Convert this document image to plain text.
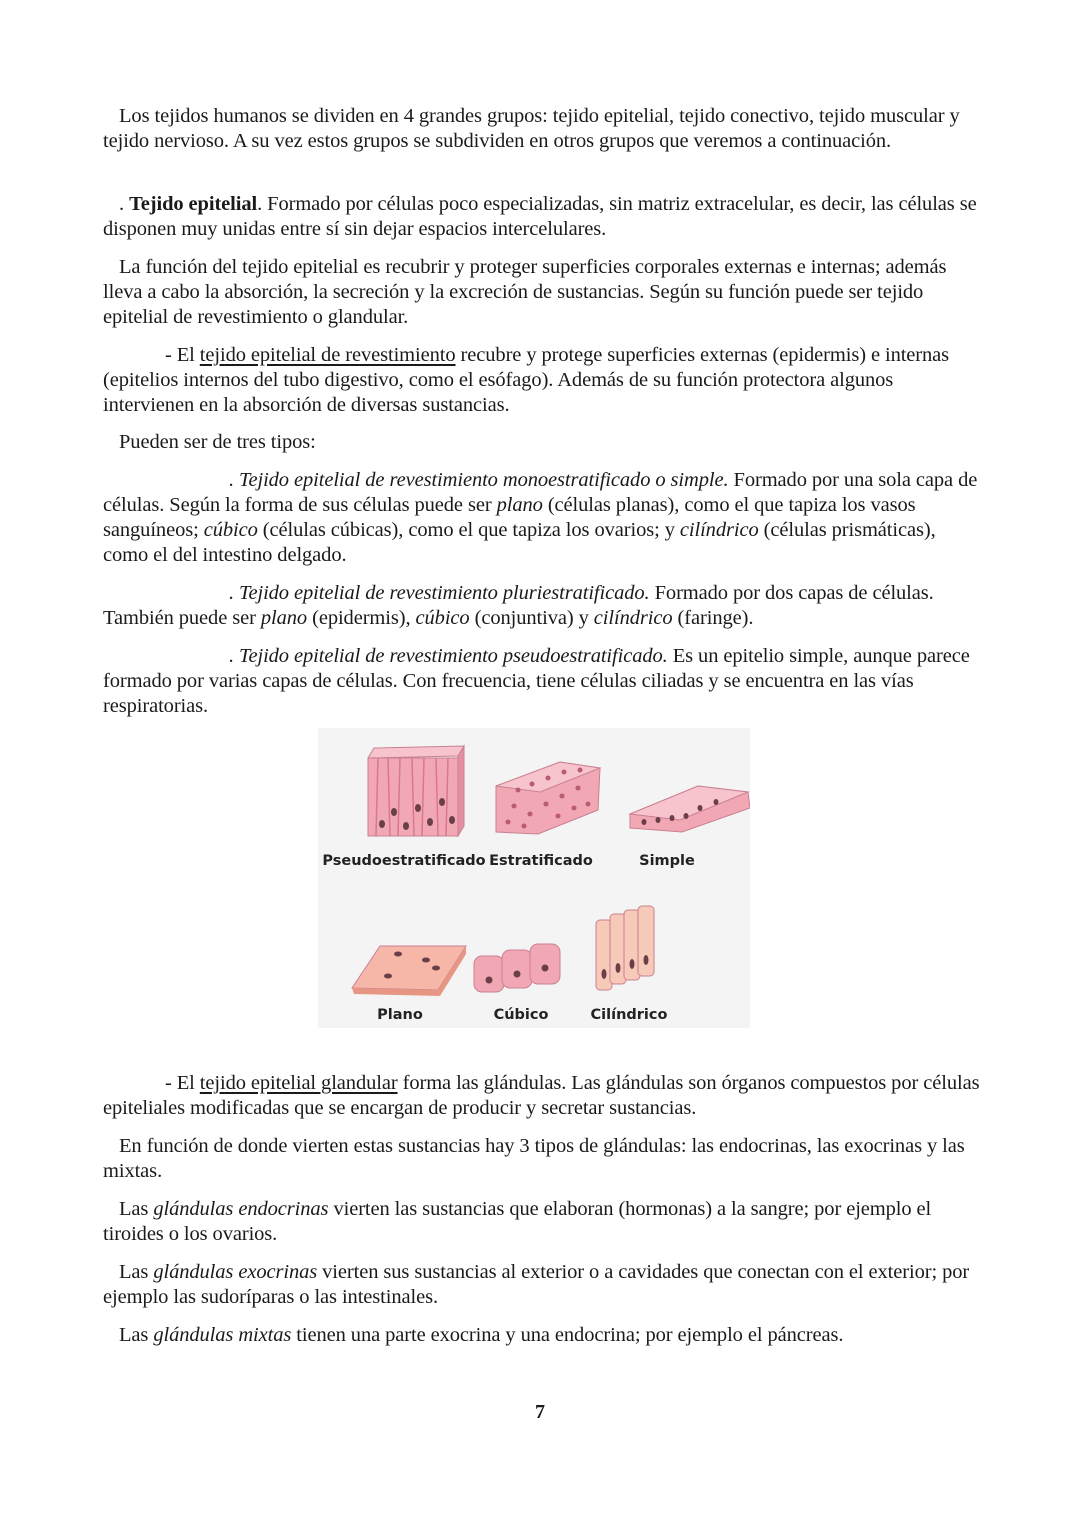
Los tejidos humanos se dividen en 4 grandes grupos: tejido epitelial, tejido conectivo, tejido muscular y tejido nervioso. A su vez estos grupos se subdividen en otros grupos que veremos a continuación.

. Tejido epitelial. Formado por células poco especializadas, sin matriz extracelular, es decir, las células se disponen muy unidas entre sí sin dejar espacios intercelulares.

La función del tejido epitelial es recubrir y proteger superficies corporales externas e internas; además lleva a cabo la absorción, la secreción y la excreción de sustancias. Según su función puede ser tejido epitelial de revestimiento o glandular.

- El tejido epitelial de revestimiento recubre y protege superficies externas (epidermis) e internas (epitelios internos del tubo digestivo, como el esófago). Además de su función protectora algunos intervienen en la absorción de diversas sustancias.

Pueden ser de tres tipos:

. Tejido epitelial de revestimiento monoestratificado o simple. Formado por una sola capa de células. Según la forma de sus células puede ser plano (células planas), como el que tapiza los vasos sanguíneos; cúbico (células cúbicas), como el que tapiza los ovarios; y cilíndrico (células prismáticas), como el del intestino delgado.

. Tejido epitelial de revestimiento pluriestratificado. Formado por dos capas de células. También puede ser plano (epidermis), cúbico (conjuntiva) y cilíndrico (faringe).

. Tejido epitelial de revestimiento pseudoestratificado. Es un epitelio simple, aunque parece formado por varias capas de células. Con frecuencia, tiene células ciliadas y se encuentra en las vías respiratorias.

Pseudoestratificado Estratificado	Simple
Plano	Cúbico	Cilíndrico

- El tejido epitelial glandular forma las glándulas. Las glándulas son órganos compuestos por células epiteliales modificadas que se encargan de producir y secretar sustancias.

En función de donde vierten estas sustancias hay 3 tipos de glándulas: las endocrinas, las exocrinas y las mixtas.

Las glándulas endocrinas vierten las sustancias que elaboran (hormonas) a la sangre; por ejemplo el tiroides o los ovarios.

Las glándulas exocrinas vierten sus sustancias al exterior o a cavidades que conectan con el exterior; por ejemplo las sudoríparas o las intestinales.

Las glándulas mixtas tienen una parte exocrina y una endocrina; por ejemplo el páncreas.

7
